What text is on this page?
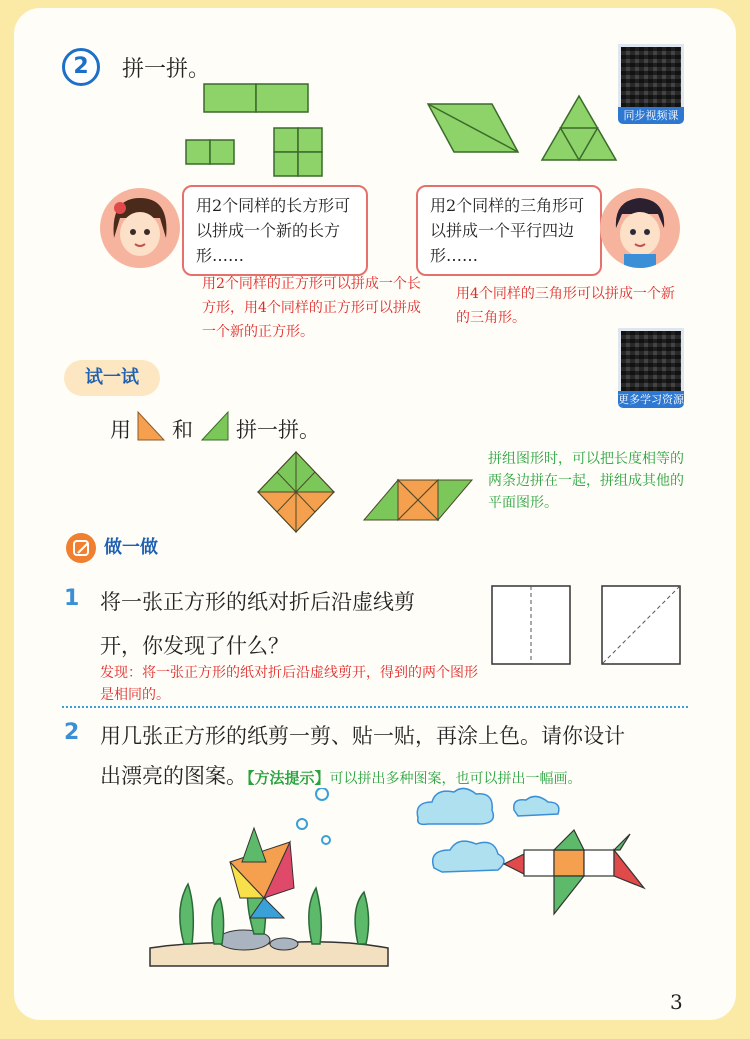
2	拼一拼。
同步视频课
更多学习资源
用2个同样的长方形可以拼成一个新的长方形……
用2个同样的正方形可以拼成一个长方形，用4个同样的正方形可以拼成一个新的正方形。
用2个同样的三角形可以拼成一个平行四边形……
用4个同样的三角形可以拼成一个新的三角形。
试一试
用 和 拼一拼。
拼组图形时，可以把长度相等的两条边拼在一起，拼组成其他的平面图形。
做一做
1 将一张正方形的纸对折后沿虚线剪
开，你发现了什么？
发现：将一张正方形的纸对折后沿虚线剪开，得到的两个图形是相同的。
2 用几张正方形的纸剪一剪、贴一贴，再涂上色。请你设计
出漂亮的图案。【方法提示】可以拼出多种图案，也可以拼出一幅画。
3
